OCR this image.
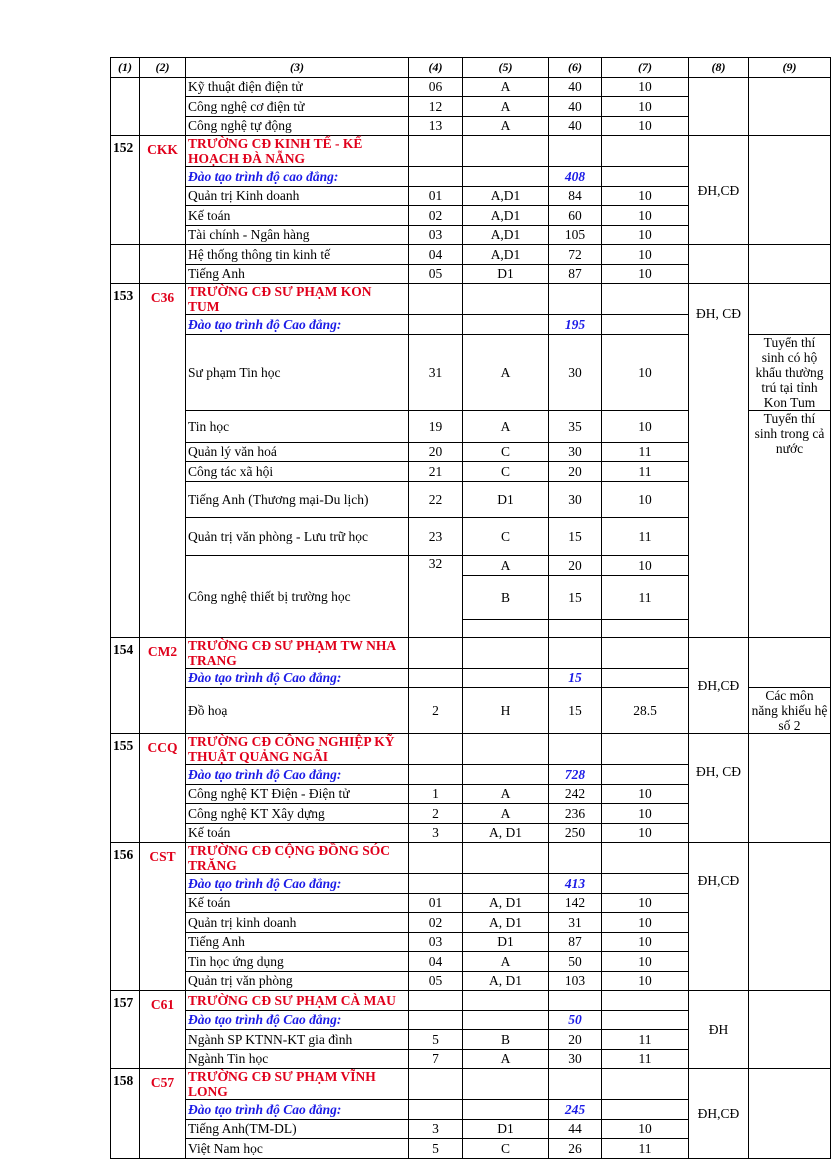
(1)	(2)	(3)	(4)	(5)	(6)	(7)	(8)	(9)
		Kỹ thuật điện điện tử	06	A	40	10		
		Công nghệ cơ điện tử	12	A	40	10		
		Công nghệ tự động	13	A	40	10		
152	CKK	TRƯỜNG CĐ KINH TẾ - KẾ HOẠCH ĐÀ NẴNG					ĐH,CĐ	
		Đào tạo trình độ cao đẳng:			408			
		Quản trị Kinh doanh	01	A,D1	84	10		
		Kế toán	02	A,D1	60	10		
		Tài chính - Ngân hàng	03	A,D1	105	10		
		Hệ thống thông tin kinh tế	04	A,D1	72	10		
		Tiếng Anh	05	D1	87	10		
153	C36	TRƯỜNG CĐ SƯ PHẠM KON TUM					ĐH, CĐ	
		Đào tạo trình độ Cao đẳng:			195			
		Sư phạm Tin học	31	A	30	10		Tuyển thí sinh có hộ khẩu thường trú tại tỉnh Kon Tum
		Tin học	19	A	35	10		Tuyển thí sinh trong cả nước
		Quản lý văn hoá	20	C	30	11		
		Công tác xã hội	21	C	20	11		
		Tiếng Anh (Thương mại-Du lịch)	22	D1	30	10		
		Quản trị văn phòng - Lưu trữ học	23	C	15	11		
		Công nghệ thiết bị trường học	32	A	20	10		
				B	15	11		

154	CM2	TRƯỜNG CĐ SƯ PHẠM TW NHA TRANG					ĐH,CĐ	
		Đào tạo trình độ Cao đẳng:			15			
		Đồ hoạ	2	H	15	28.5		Các môn năng khiếu hệ số 2
155	CCQ	TRƯỜNG CĐ CÔNG NGHIỆP KỸ THUẬT QUẢNG NGÃI					ĐH, CĐ	
		Đào tạo trình độ Cao đẳng:			728			
		Công nghệ KT Điện - Điện tử	1	A	242	10		
		Công nghệ KT Xây dựng	2	A	236	10		
		Kế toán	3	A, D1	250	10		
156	CST	TRƯỜNG CĐ CỘNG ĐỒNG SÓC TRĂNG					ĐH,CĐ	
		Đào tạo trình độ Cao đẳng:			413			
		Kế toán	01	A, D1	142	10		
		Quản trị kinh doanh	02	A, D1	31	10		
		Tiếng Anh	03	D1	87	10		
		Tin học ứng dụng	04	A	50	10		
		Quản trị văn phòng	05	A, D1	103	10		
157	C61	TRƯỜNG CĐ SƯ PHẠM CÀ MAU					ĐH	
		Đào tạo trình độ Cao đẳng:			50			
		Ngành SP KTNN-KT gia đình	5	B	20	11		
		Ngành Tin học	7	A	30	11		
158	C57	TRƯỜNG CĐ SƯ PHẠM VĨNH LONG					ĐH,CĐ	
		Đào tạo trình độ Cao đẳng:			245			
		Tiếng Anh(TM-DL)	3	D1	44	10		
		Việt Nam học	5	C	26	11		
